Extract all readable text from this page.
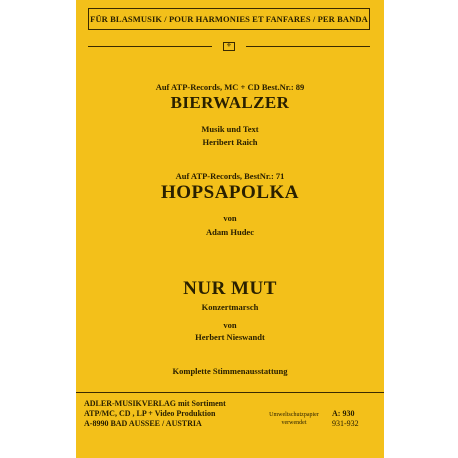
FÜR BLASMUSIK / POUR HARMONIES ET FANFARES / PER BANDA
⚜
Auf ATP-Records, MC + CD Best.Nr.: 89
BIERWALZER
Musik und Text
Heribert Raich
Auf ATP-Records, BestNr.: 71
HOPSAPOLKA
von
Adam Hudec
NUR MUT
Konzertmarsch
von
Herbert Nieswandt
Komplette Stimmenausstattung
ADLER-MUSIKVERLAG mit Sortiment
ATP/MC, CD , LP + Video Produktion
A-8990 BAD AUSSEE / AUSTRIA
Umweltschutzpapier
verwendet
A: 930
931-932
